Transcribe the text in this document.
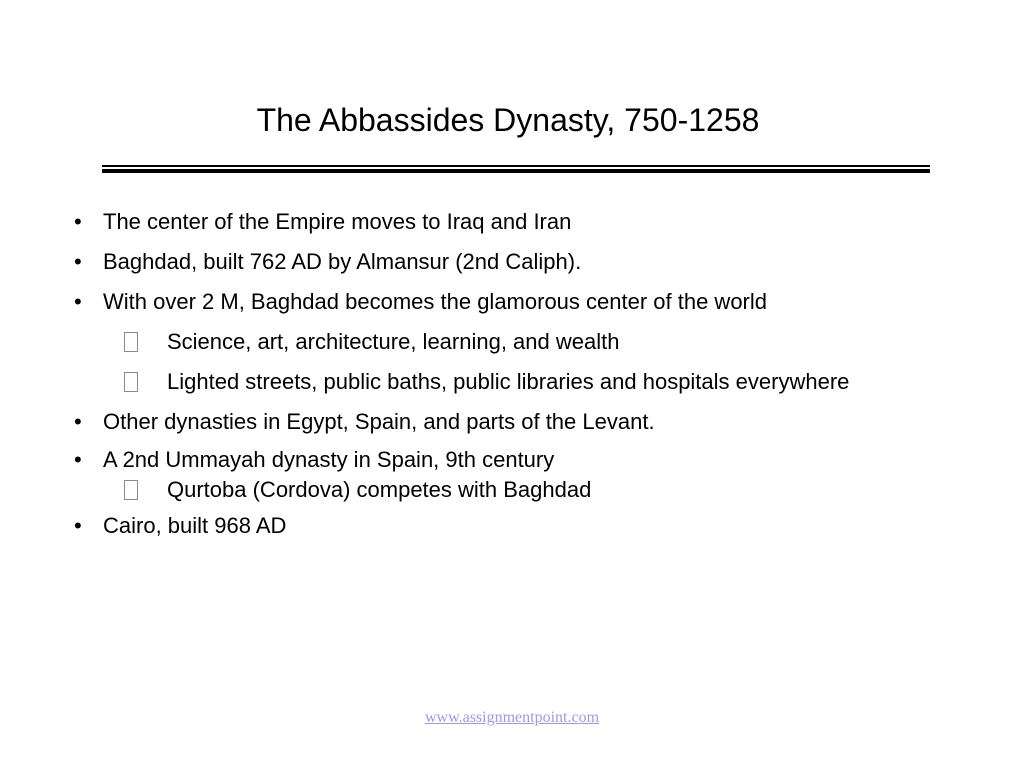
The Abbassides Dynasty, 750-1258
• The center of the Empire moves to Iraq and Iran
• Baghdad, built 762 AD by Almansur (2nd Caliph).
• With over 2 M, Baghdad becomes the glamorous center of the world
Science, art, architecture, learning, and wealth
Lighted streets, public baths, public libraries and hospitals everywhere
• Other dynasties in Egypt, Spain, and parts of the Levant.
• A 2nd Ummayah dynasty in Spain, 9th century
Qurtoba (Cordova) competes with Baghdad
• Cairo, built 968 AD
www.assignmentpoint.com
